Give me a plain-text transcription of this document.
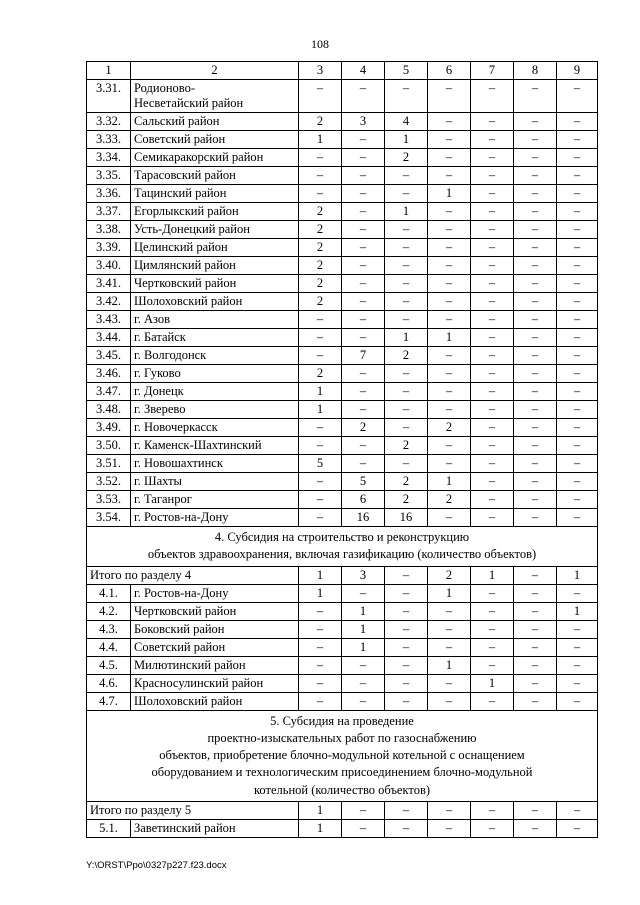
108
1	2	3	4	5	6	7	8	9
3.31.	Родионово-
Несветайский район	–	–	–	–	–	–	–
3.32.	Сальский район	2	3	4	–	–	–	–
3.33.	Советский район	1	–	1	–	–	–	–
3.34.	Семикаракорский район	–	–	2	–	–	–	–
3.35.	Тарасовский район	–	–	–	–	–	–	–
3.36.	Тацинский район	–	–	–	1	–	–	–
3.37.	Егорлыкский район	2	–	1	–	–	–	–
3.38.	Усть-Донецкий район	2	–	–	–	–	–	–
3.39.	Целинский район	2	–	–	–	–	–	–
3.40.	Цимлянский район	2	–	–	–	–	–	–
3.41.	Чертковский район	2	–	–	–	–	–	–
3.42.	Шолоховский район	2	–	–	–	–	–	–
3.43.	г. Азов	–	–	–	–	–	–	–
3.44.	г. Батайск	–	–	1	1	–	–	–
3.45.	г. Волгодонск	–	7	2	–	–	–	–
3.46.	г. Гуково	2	–	–	–	–	–	–
3.47.	г. Донецк	1	–	–	–	–	–	–
3.48.	г. Зверево	1	–	–	–	–	–	–
3.49.	г. Новочеркасск	–	2	–	2	–	–	–
3.50.	г. Каменск-Шахтинский	–	–	2	–	–	–	–
3.51.	г. Новошахтинск	5	–	–	–	–	–	–
3.52.	г. Шахты	–	5	2	1	–	–	–
3.53.	г. Таганрог	–	6	2	2	–	–	–
3.54.	г. Ростов-на-Дону	–	16	16	–	–	–	–
4. Субсидия на строительство и реконструкцию
объектов здравоохранения, включая газификацию (количество объектов)								
Итого по разделу 4		1	3	–	2	1	–	1
4.1.	г. Ростов-на-Дону	1	–	–	1	–	–	–
4.2.	Чертковский район	–	1	–	–	–	–	1
4.3.	Боковский район	–	1	–	–	–	–	–
4.4.	Советский район	–	1	–	–	–	–	–
4.5.	Милютинский район	–	–	–	1	–	–	–
4.6.	Красносулинский район	–	–	–	–	1	–	–
4.7.	Шолоховский район	–	–	–	–	–	–	–
5. Субсидия на проведение
проектно-изыскательных работ по газоснабжению
объектов, приобретение блочно-модульной котельной с оснащением
оборудованием и технологическим присоединением блочно-модульной
котельной (количество объектов)								
Итого по разделу 5		1	–	–	–	–	–	–
5.1.	Заветинский район	1	–	–	–	–	–	–
Y:\ORST\Ppo\0327p227.f23.docx
